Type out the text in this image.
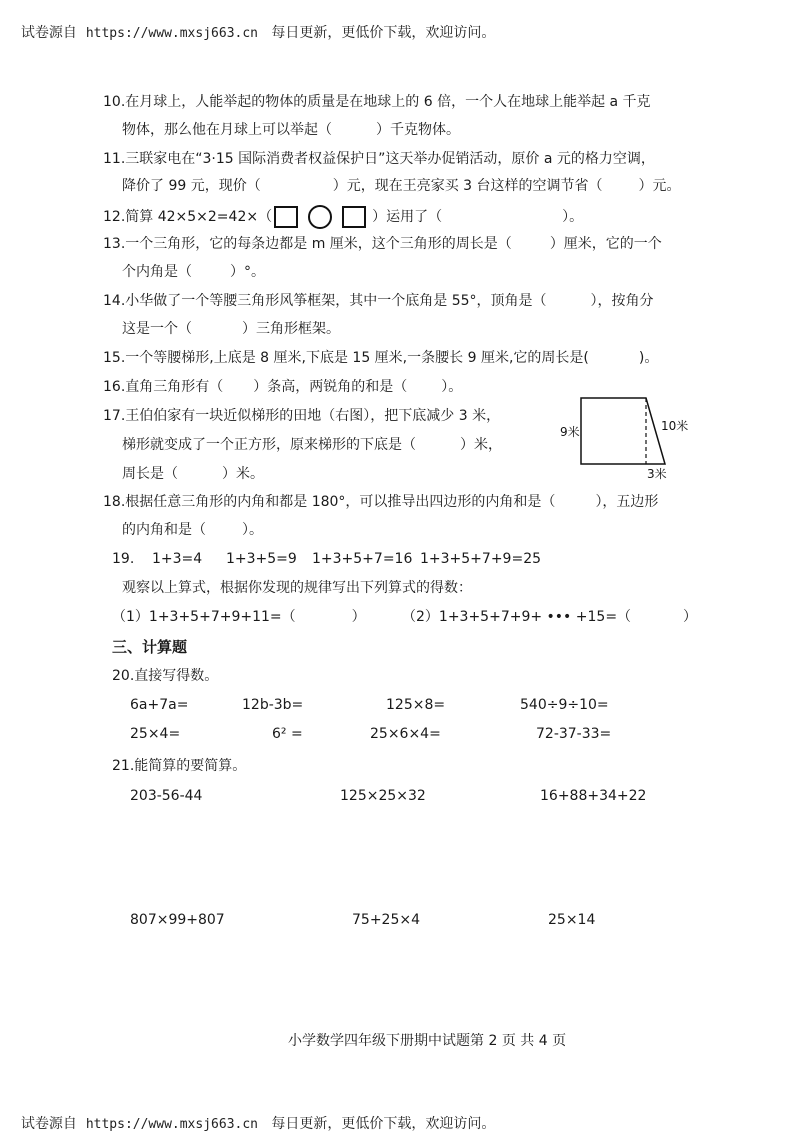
试卷源自 https://www.mxsj663.cn 每日更新，更低价下载，欢迎访问。

10.在月球上，人能举起的物体的质量是在地球上的 6 倍，一个人在地球上能举起 a 千克
物体，那么他在月球上可以举起（	）千克物体。
11.三联家电在“3·15 国际消费者权益保护日”这天举办促销活动，原价 a 元的格力空调，
降价了 99 元，现价（	）元，现在王亮家买 3 台这样的空调节省（	）元。
12.简算 42×5×2=42×（	）运用了（	）。
13.一个三角形，它的每条边都是 m 厘米，这个三角形的周长是（	）厘米，它的一个
个内角是（	）°。
14.小华做了一个等腰三角形风筝框架，其中一个底角是 55°，顶角是（	），按角分
这是一个（	）三角形框架。
15.一个等腰梯形,上底是 8 厘米,下底是 15 厘米,一条腰长 9 厘米,它的周长是(	)。
16.直角三角形有（ ）条高，两锐角的和是（ ）。
17.王伯伯家有一块近似梯形的田地（右图），把下底减少 3 米，
梯形就变成了一个正方形，原来梯形的下底是（	）米，
周长是（	）米。
9米	10米
3米
18.根据任意三角形的内角和都是 180°，可以推导出四边形的内角和是（	），五边形
的内角和是（	）。
19. 1+3=4 1+3+5=9 1+3+5+7=16 1+3+5+7+9=25
观察以上算式，根据你发现的规律写出下列算式的得数：
（1）1+3+5+7+9+11=（	）	（2）1+3+5+7+9+ ••• +15=（	）
三、计算题
20.直接写得数。
6a+7a=	12b-3b=	125×8=	540÷9÷10=
25×4=	6² =	25×6×4=	72-37-33=
21.能简算的要简算。
203-56-44	125×25×32	16+88+34+22
807×99+807	75+25×4	25×14
小学数学四年级下册期中试题第 2 页 共 4 页

试卷源自 https://www.mxsj663.cn 每日更新，更低价下载，欢迎访问。
